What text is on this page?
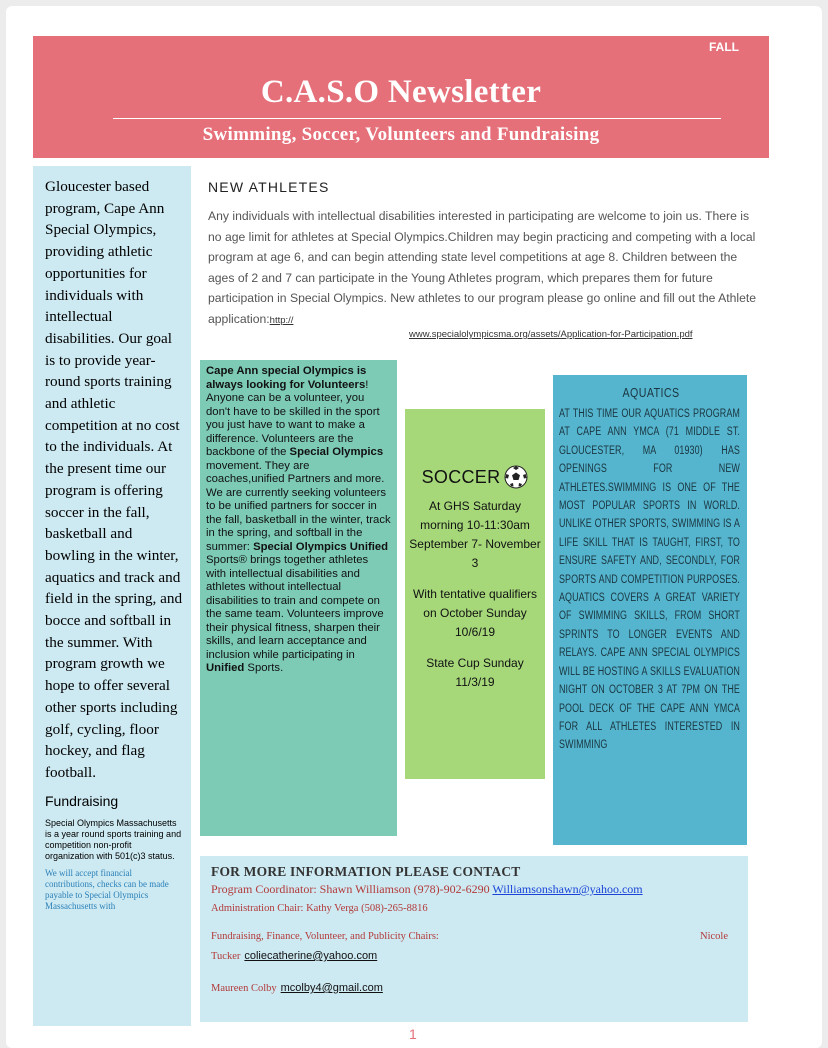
FALL
C.A.S.O Newsletter
Swimming, Soccer, Volunteers and Fundraising
Gloucester based program, Cape Ann Special Olympics, providing athletic opportunities for individuals with intellectual disabilities. Our goal is to provide year-round sports training and athletic competition at no cost to the individuals. At the present time our program is offering soccer in the fall, basketball and bowling in the winter, aquatics and track and field in the spring, and bocce and softball in the summer. With program growth we hope to offer several other sports including golf, cycling, floor hockey, and flag football.
Fundraising
Special Olympics Massachusetts is a year round sports training and competition non-profit organization with 501(c)3 status.
We will accept financial contributions, checks can be made payable to Special Olympics Massachusetts with
NEW ATHLETES
Any individuals with intellectual disabilities interested in participating are welcome to join us. There is no age limit for athletes at Special Olympics.Children may begin practicing and competing with a local program at age 6, and can begin attending state level competitions at age 8. Children between the ages of 2 and 7 can participate in the Young Athletes program, which prepares them for future participation in Special Olympics. New athletes to our program please go online and fill out the Athlete application:http://
www.specialolympicsma.org/assets/Application-for-Participation.pdf
Cape Ann special Olympics is always looking for Volunteers! Anyone can be a volunteer, you don't have to be skilled in the sport you just have to want to make a difference. Volunteers are the backbone of the Special Olympics movement. They are coaches,unified Partners and more. We are currently seeking volunteers to be unified partners for soccer in the fall, basketball in the winter, track in the spring, and softball in the summer: Special Olympics Unified Sports® brings together athletes with intellectual disabilities and athletes without intellectual disabilities to train and compete on the same team. Volunteers improve their physical fitness, sharpen their skills, and learn acceptance and inclusion while participating in Unified Sports.
SOCCER
At GHS Saturday morning 10-11:30am September 7- November 3
With tentative qualifiers on October Sunday 10/6/19
State Cup Sunday 11/3/19
AQUATICS
AT THIS TIME OUR AQUATICS PROGRAM AT CAPE ANN YMCA (71 MIDDLE ST. GLOUCESTER, MA 01930) HAS OPENINGS FOR NEW ATHLETES.SWIMMING IS ONE OF THE MOST POPULAR SPORTS IN WORLD. UNLIKE OTHER SPORTS, SWIMMING IS A LIFE SKILL THAT IS TAUGHT, FIRST, TO ENSURE SAFETY AND, SECONDLY, FOR SPORTS AND COMPETITION PURPOSES. AQUATICS COVERS A GREAT VARIETY OF SWIMMING SKILLS, FROM SHORT SPRINTS TO LONGER EVENTS AND RELAYS. CAPE ANN SPECIAL OLYMPICS WILL BE HOSTING A SKILLS EVALUATION NIGHT ON OCTOBER 3 AT 7PM ON THE POOL DECK OF THE CAPE ANN YMCA FOR ALL ATHLETES INTERESTED IN SWIMMING
FOR MORE INFORMATION PLEASE CONTACT
Program Coordinator: Shawn Williamson (978)-902-6290 Williamsonshawn@yahoo.com
Administration Chair: Kathy Verga (508)-265-8816
Fundraising, Finance, Volunteer, and Publicity Chairs:	Nicole
Tucker coliecatherine@yahoo.com
Maureen Colby mcolby4@gmail.com
1
